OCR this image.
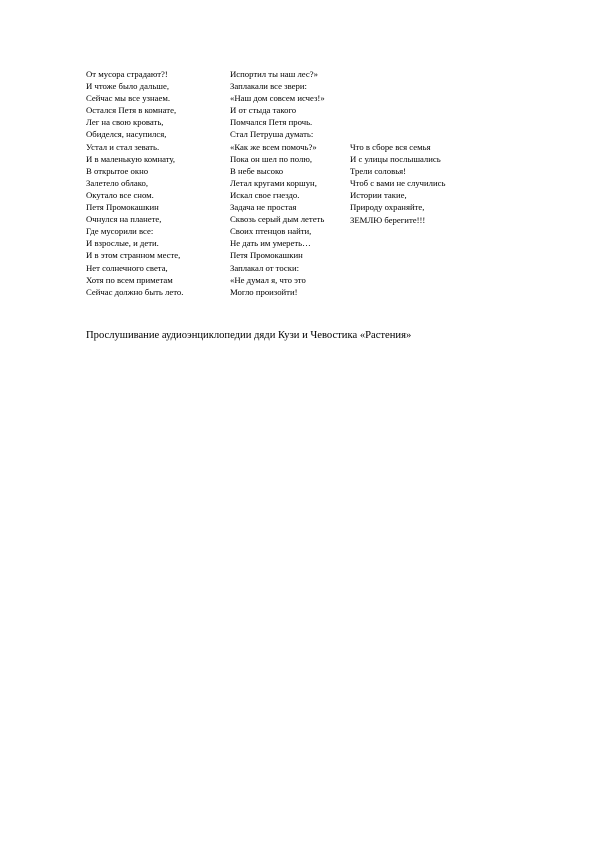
От мусора страдают?!
И чтоже было дальше,
Сейчас мы все узнаем.
Остался Петя в комнате,
Лег на свою кровать,
Обиделся, насупился,
Устал и стал зевать.
И в маленькую комнату,
В открытое окно
Залетело облако,
Окутало все сном.
Петя Промокашкин
Очнулся на планете,
Где мусорили все:
И взрослые, и дети.
И в этом странном месте,
Нет солнечного света,
Хотя по всем приметам
Сейчас должно быть лето.
Испортил ты наш лес?»
Заплакали все звери:
«Наш дом совсем исчез!»
И от стыда такого
Помчался Петя прочь.
Стал Петруша думать:
«Как же всем помочь?»
Пока он шел по полю,
В небе высоко
Летал кругами коршун,
Искал свое гнездо.
Задача не простая
Сквозь серый дым лететь
Своих птенцов найти,
Не дать им умереть…
Петя Промокашкин
Заплакал от тоски:
«Не думал я, что это
Могло произойти!
Что в сборе вся семья
И с улицы послышались
Трели соловья!
Чтоб с вами не случились
Истории такие,
Природу охраняйте,
ЗЕМЛЮ берегите!!!
Прослушивание аудиоэнциклопедии дяди Кузи и Чевостика «Растения»
